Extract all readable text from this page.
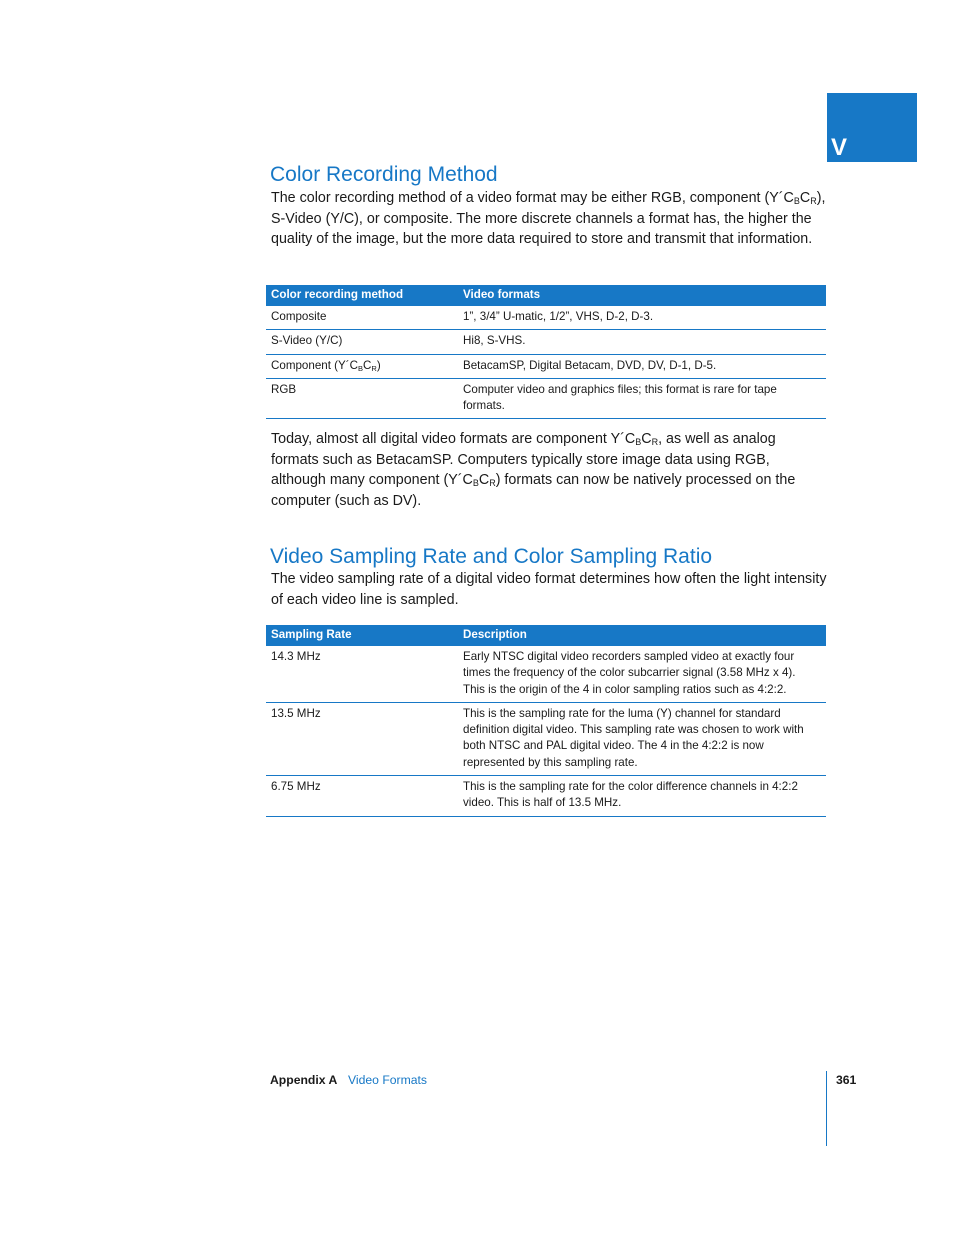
V
Color Recording Method

The color recording method of a video format may be either RGB, component $(Y´C_BC_R)$, S-Video (Y/C), or composite. The more discrete channels a format has, the higher the quality of the image, but the more data required to store and transmit that information.

Color recording method	Video formats
Composite	1”, 3/4” U-matic, 1/2”, VHS, D-2, D-3.
S-Video (Y/C)	Hi8, S-VHS.
Component $(Y´C_BC_R)$	BetacamSP, Digital Betacam, DVD, DV, D-1, D-5.
RGB	Computer video and graphics files; this format is rare for tape formats.

Today, almost all digital video formats are component $Y´C_BC_R$, as well as analog formats such as BetacamSP. Computers typically store image data using RGB, although many component $(Y´C_BC_R)$ formats can now be natively processed on the computer (such as DV).

Video Sampling Rate and Color Sampling Ratio

The video sampling rate of a digital video format determines how often the light intensity of each video line is sampled.

Sampling Rate	Description
14.3 MHz	Early NTSC digital video recorders sampled video at exactly four times the frequency of the color subcarrier signal (3.58 MHz x 4). This is the origin of the 4 in color sampling ratios such as 4:2:2.
13.5 MHz	This is the sampling rate for the luma (Y) channel for standard definition digital video. This sampling rate was chosen to work with both NTSC and PAL digital video. The 4 in the 4:2:2 is now represented by this sampling rate.
6.75 MHz	This is the sampling rate for the color difference channels in 4:2:2 video. This is half of 13.5 MHz.
Appendix A Video Formats	361
